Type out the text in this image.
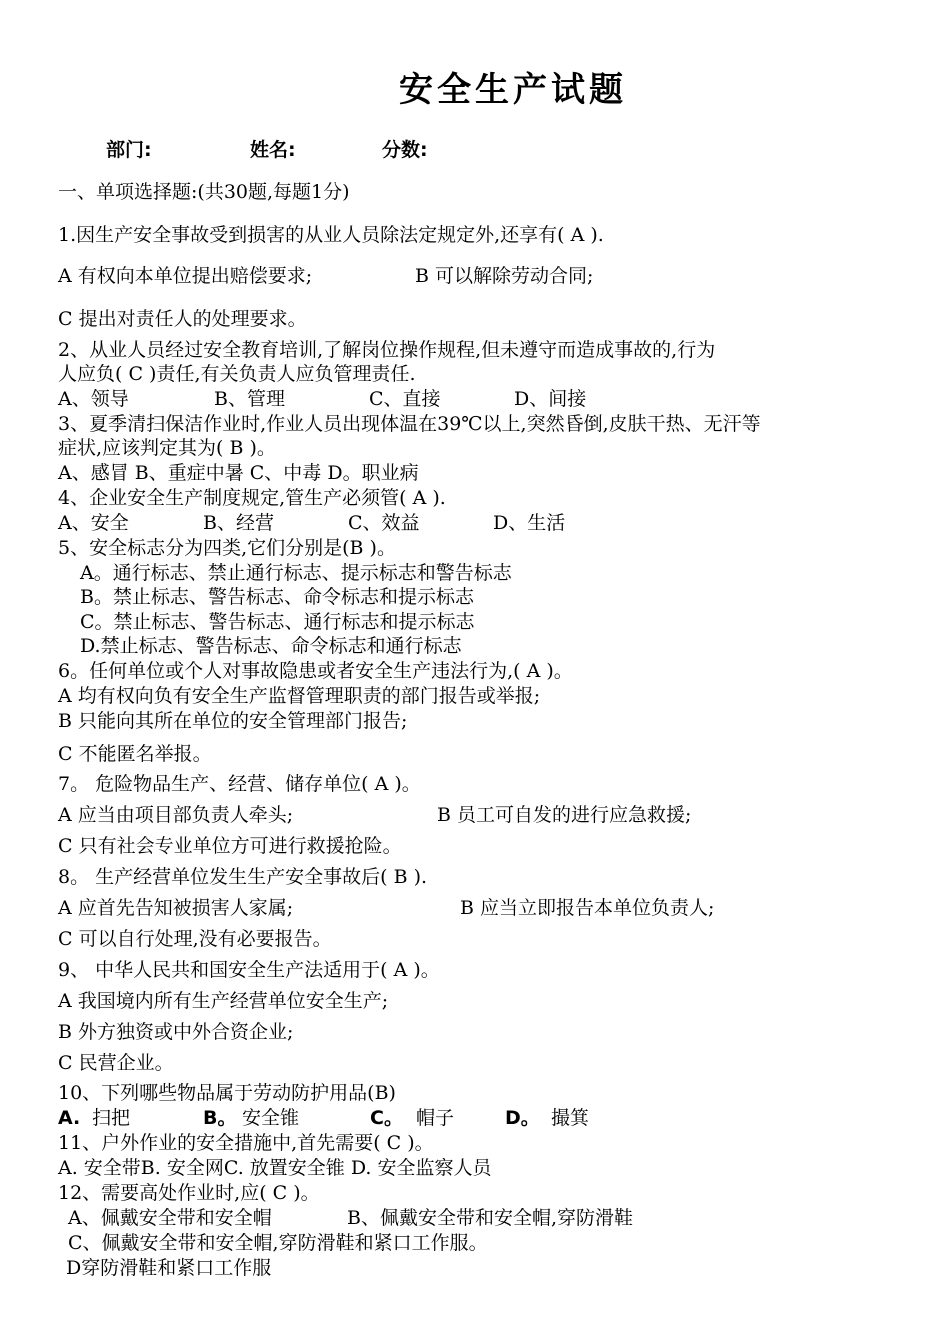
安全生产试题
部门:	姓名:	分数:
一、单项选择题:(共30题,每题1分)
1.因生产安全事故受到损害的从业人员除法定规定外,还享有( A ).
A 有权向本单位提出赔偿要求;	B 可以解除劳动合同;
C 提出对责任人的处理要求。
2、从业人员经过安全教育培训,了解岗位操作规程,但未遵守而造成事故的,行为
人应负( C )责任,有关负责人应负管理责任.
A、领导	B、管理	C、直接	D、间接
3、夏季清扫保洁作业时,作业人员出现体温在39℃以上,突然昏倒,皮肤干热、无汗等
症状,应该判定其为( B )。
A、感冒 B、重症中暑 C、中毒 D。职业病
4、企业安全生产制度规定,管生产必须管( A ).
A、安全	B、经营	C、效益	D、生活
5、安全标志分为四类,它们分别是(B )。
A。通行标志、禁止通行标志、提示标志和警告标志
B。禁止标志、警告标志、命令标志和提示标志
C。禁止标志、警告标志、通行标志和提示标志
D.禁止标志、警告标志、命令标志和通行标志
6。任何单位或个人对事故隐患或者安全生产违法行为,( A )。
A 均有权向负有安全生产监督管理职责的部门报告或举报;
B 只能向其所在单位的安全管理部门报告;
C 不能匿名举报。
7。 危险物品生产、经营、储存单位( A )。
A 应当由项目部负责人牵头;	B 员工可自发的进行应急救援;
C 只有社会专业单位方可进行救援抢险。
8。 生产经营单位发生生产安全事故后( B ).
A 应首先告知被损害人家属;	B 应当立即报告本单位负责人;
C 可以自行处理,没有必要报告。
9、 中华人民共和国安全生产法适用于( A )。
A 我国境内所有生产经营单位安全生产;
B 外方独资或中外合资企业;
C 民营企业。
10、下列哪些物品属于劳动防护用品(B)
A. 扫把	B。 安全锥	C。 帽子	D。 撮箕
11、户外作业的安全措施中,首先需要( C )。
A. 安全带B. 安全网C. 放置安全锥 D. 安全监察人员
12、需要高处作业时,应( C )。
A、佩戴安全带和安全帽	B、佩戴安全带和安全帽,穿防滑鞋
C、佩戴安全带和安全帽,穿防滑鞋和紧口工作服。
D穿防滑鞋和紧口工作服
